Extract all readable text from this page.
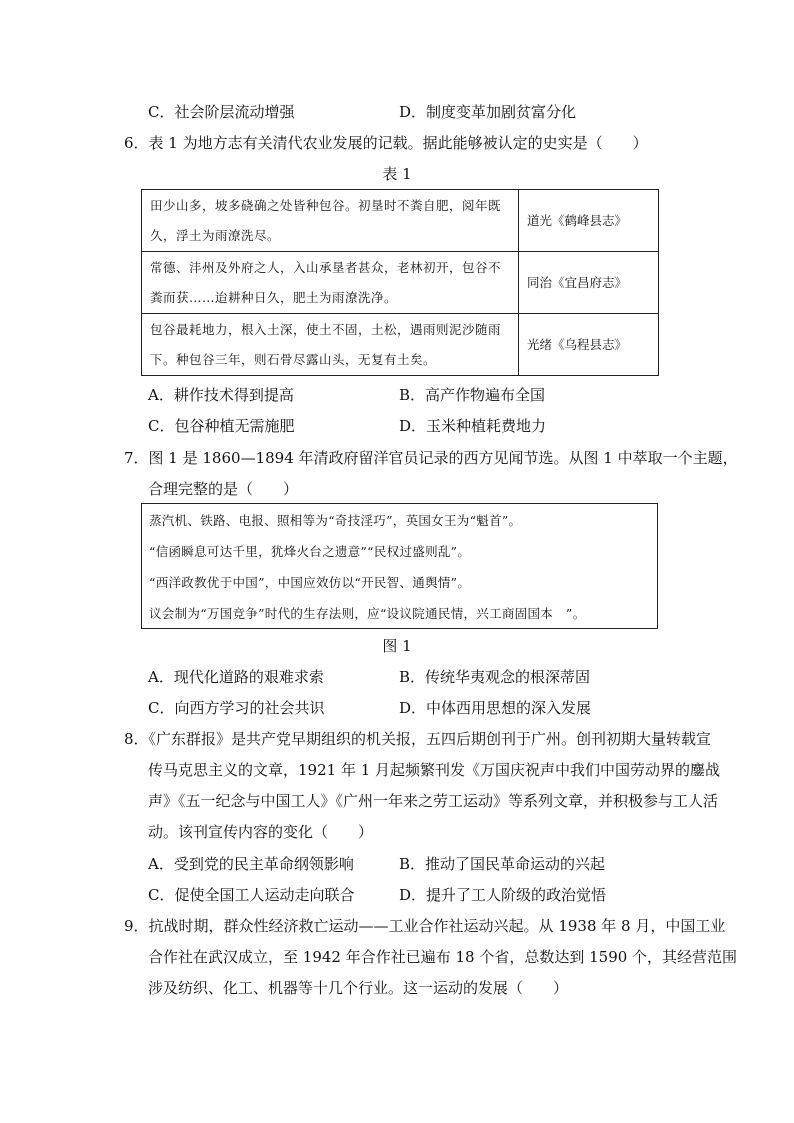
C．社会阶层流动增强	D．制度变革加剧贫富分化
6．表 1 为地方志有关清代农业发展的记载。据此能够被认定的史实是（　　）
表 1
田少山多，坡多硗确之处皆种包谷。初垦时不粪自肥，阅年既
久，浮土为雨潦洗尽。	道光《鹤峰县志》

常德、沣州及外府之人，入山承垦者甚众，老林初开，包谷不
粪而获……迨耕种日久，肥土为雨潦洗净。	同治《宜昌府志》

包谷最耗地力，根入土深，使土不固，土松，遇雨则泥沙随雨
下。种包谷三年，则石骨尽露山头，无复有土矣。	光绪《乌程县志》
A．耕作技术得到提高	B．高产作物遍布全国
C．包谷种植无需施肥	D．玉米种植耗费地力
7．图 1 是 1860—1894 年清政府留洋官员记录的西方见闻节选。从图 1 中萃取一个主题，
合理完整的是（　　）
蒸汽机、铁路、电报、照相等为“奇技淫巧”，英国女王为“魁首”。
“信函瞬息可达千里，犹烽火台之遗意”“民权过盛则乱”。
“西洋政教优于中国”，中国应效仿以“开民智、通舆情”。
议会制为“万国竞争”时代的生存法则，应“设议院通民情，兴工商固国本　”。
图 1
A．现代化道路的艰难求索	B．传统华夷观念的根深蒂固
C．向西方学习的社会共识	D．中体西用思想的深入发展
8．《广东群报》是共产党早期组织的机关报，五四后期创刊于广州。创刊初期大量转载宣
传马克思主义的文章，1921 年 1 月起频繁刊发《万国庆祝声中我们中国劳动界的鏖战
声》《五一纪念与中国工人》《广州一年来之劳工运动》等系列文章，并积极参与工人活
动。该刊宣传内容的变化（　　）
A．受到党的民主革命纲领影响	B．推动了国民革命运动的兴起
C．促使全国工人运动走向联合	D．提升了工人阶级的政治觉悟
9．抗战时期，群众性经济救亡运动——工业合作社运动兴起。从 1938 年 8 月，中国工业
合作社在武汉成立，至 1942 年合作社已遍布 18 个省，总数达到 1590 个，其经营范围
涉及纺织、化工、机器等十几个行业。这一运动的发展（　　）
